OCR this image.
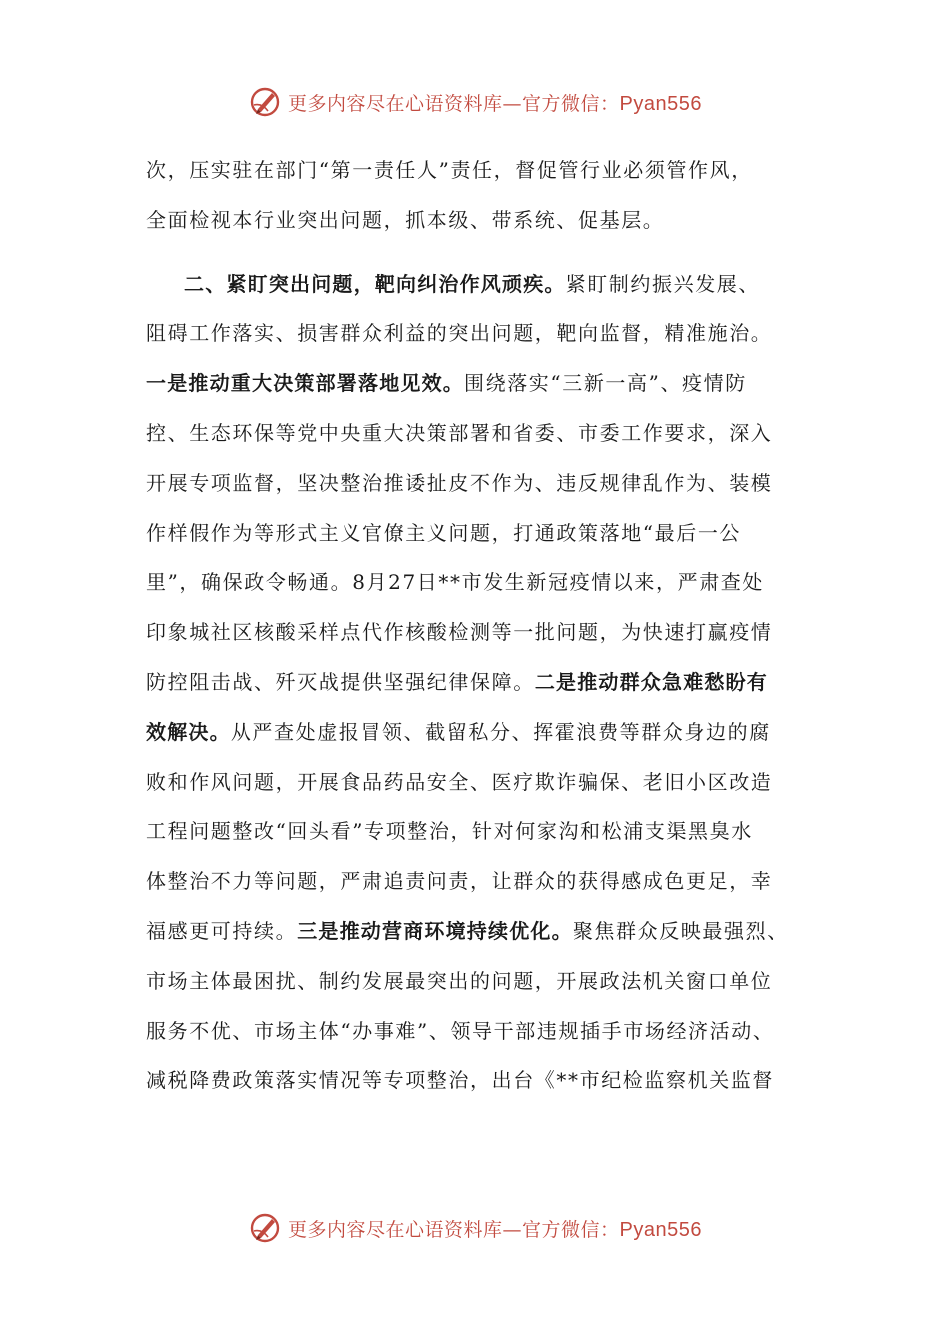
更多内容尽在心语资料库—官方微信：Pyan556
次，压实驻在部门“第一责任人”责任，督促管行业必须管作风，
全面检视本行业突出问题，抓本级、带系统、促基层。
二、紧盯突出问题，靶向纠治作风顽疾。紧盯制约振兴发展、
阻碍工作落实、损害群众利益的突出问题，靶向监督，精准施治。
一是推动重大决策部署落地见效。围绕落实“三新一高”、疫情防
控、生态环保等党中央重大决策部署和省委、市委工作要求，深入
开展专项监督，坚决整治推诿扯皮不作为、违反规律乱作为、装模
作样假作为等形式主义官僚主义问题，打通政策落地“最后一公
里”，确保政令畅通。8月27日**市发生新冠疫情以来，严肃查处
印象城社区核酸采样点代作核酸检测等一批问题，为快速打赢疫情
防控阻击战、歼灭战提供坚强纪律保障。二是推动群众急难愁盼有
效解决。从严查处虚报冒领、截留私分、挥霍浪费等群众身边的腐
败和作风问题，开展食品药品安全、医疗欺诈骗保、老旧小区改造
工程问题整改“回头看”专项整治，针对何家沟和松浦支渠黑臭水
体整治不力等问题，严肃追责问责，让群众的获得感成色更足，幸
福感更可持续。三是推动营商环境持续优化。聚焦群众反映最强烈、
市场主体最困扰、制约发展最突出的问题，开展政法机关窗口单位
服务不优、市场主体“办事难”、领导干部违规插手市场经济活动、
减税降费政策落实情况等专项整治，出台《**市纪检监察机关监督
更多内容尽在心语资料库—官方微信：Pyan556
